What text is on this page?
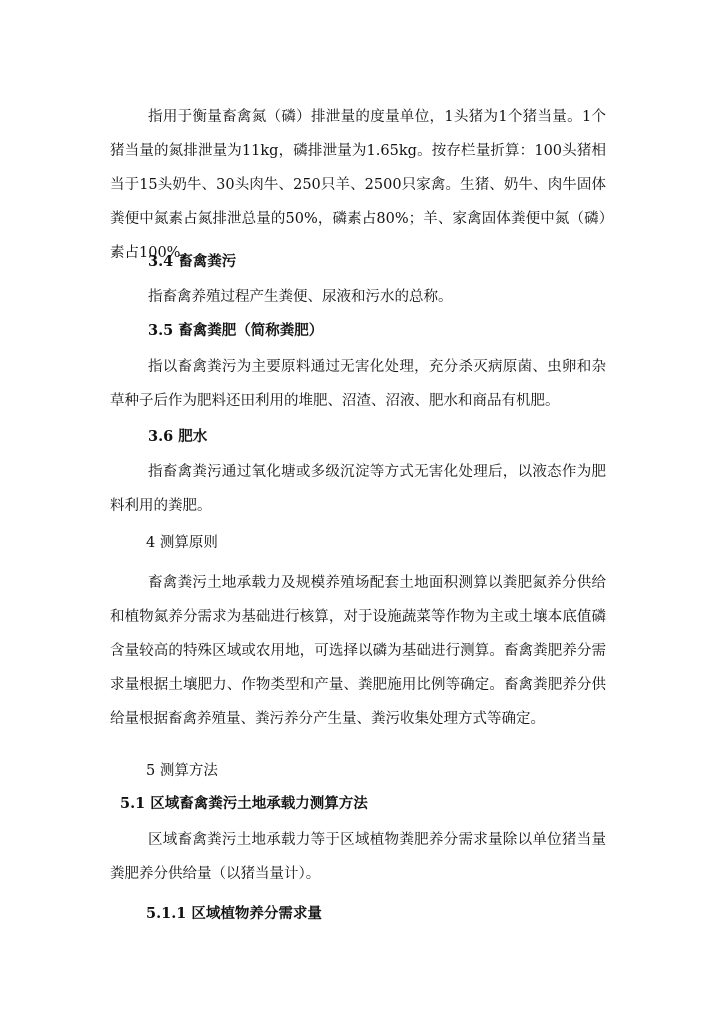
指用于衡量畜禽氮（磷）排泄量的度量单位，1头猪为1个猪当量。1个猪当量的氮排泄量为11kg，磷排泄量为1.65kg。按存栏量折算：100头猪相当于15头奶牛、30头肉牛、250只羊、2500只家禽。生猪、奶牛、肉牛固体粪便中氮素占氮排泄总量的50%，磷素占80%；羊、家禽固体粪便中氮（磷）素占100%。

3.4 畜禽粪污

指畜禽养殖过程产生粪便、尿液和污水的总称。

3.5 畜禽粪肥（简称粪肥）

指以畜禽粪污为主要原料通过无害化处理，充分杀灭病原菌、虫卵和杂草种子后作为肥料还田利用的堆肥、沼渣、沼液、肥水和商品有机肥。

3.6 肥水

指畜禽粪污通过氧化塘或多级沉淀等方式无害化处理后，以液态作为肥料利用的粪肥。

4 测算原则

畜禽粪污土地承载力及规模养殖场配套土地面积测算以粪肥氮养分供给和植物氮养分需求为基础进行核算，对于设施蔬菜等作物为主或土壤本底值磷含量较高的特殊区域或农用地，可选择以磷为基础进行测算。畜禽粪肥养分需求量根据土壤肥力、作物类型和产量、粪肥施用比例等确定。畜禽粪肥养分供给量根据畜禽养殖量、粪污养分产生量、粪污收集处理方式等确定。

5 测算方法

5.1 区域畜禽粪污土地承载力测算方法

区域畜禽粪污土地承载力等于区域植物粪肥养分需求量除以单位猪当量粪肥养分供给量（以猪当量计）。

5.1.1 区域植物养分需求量
